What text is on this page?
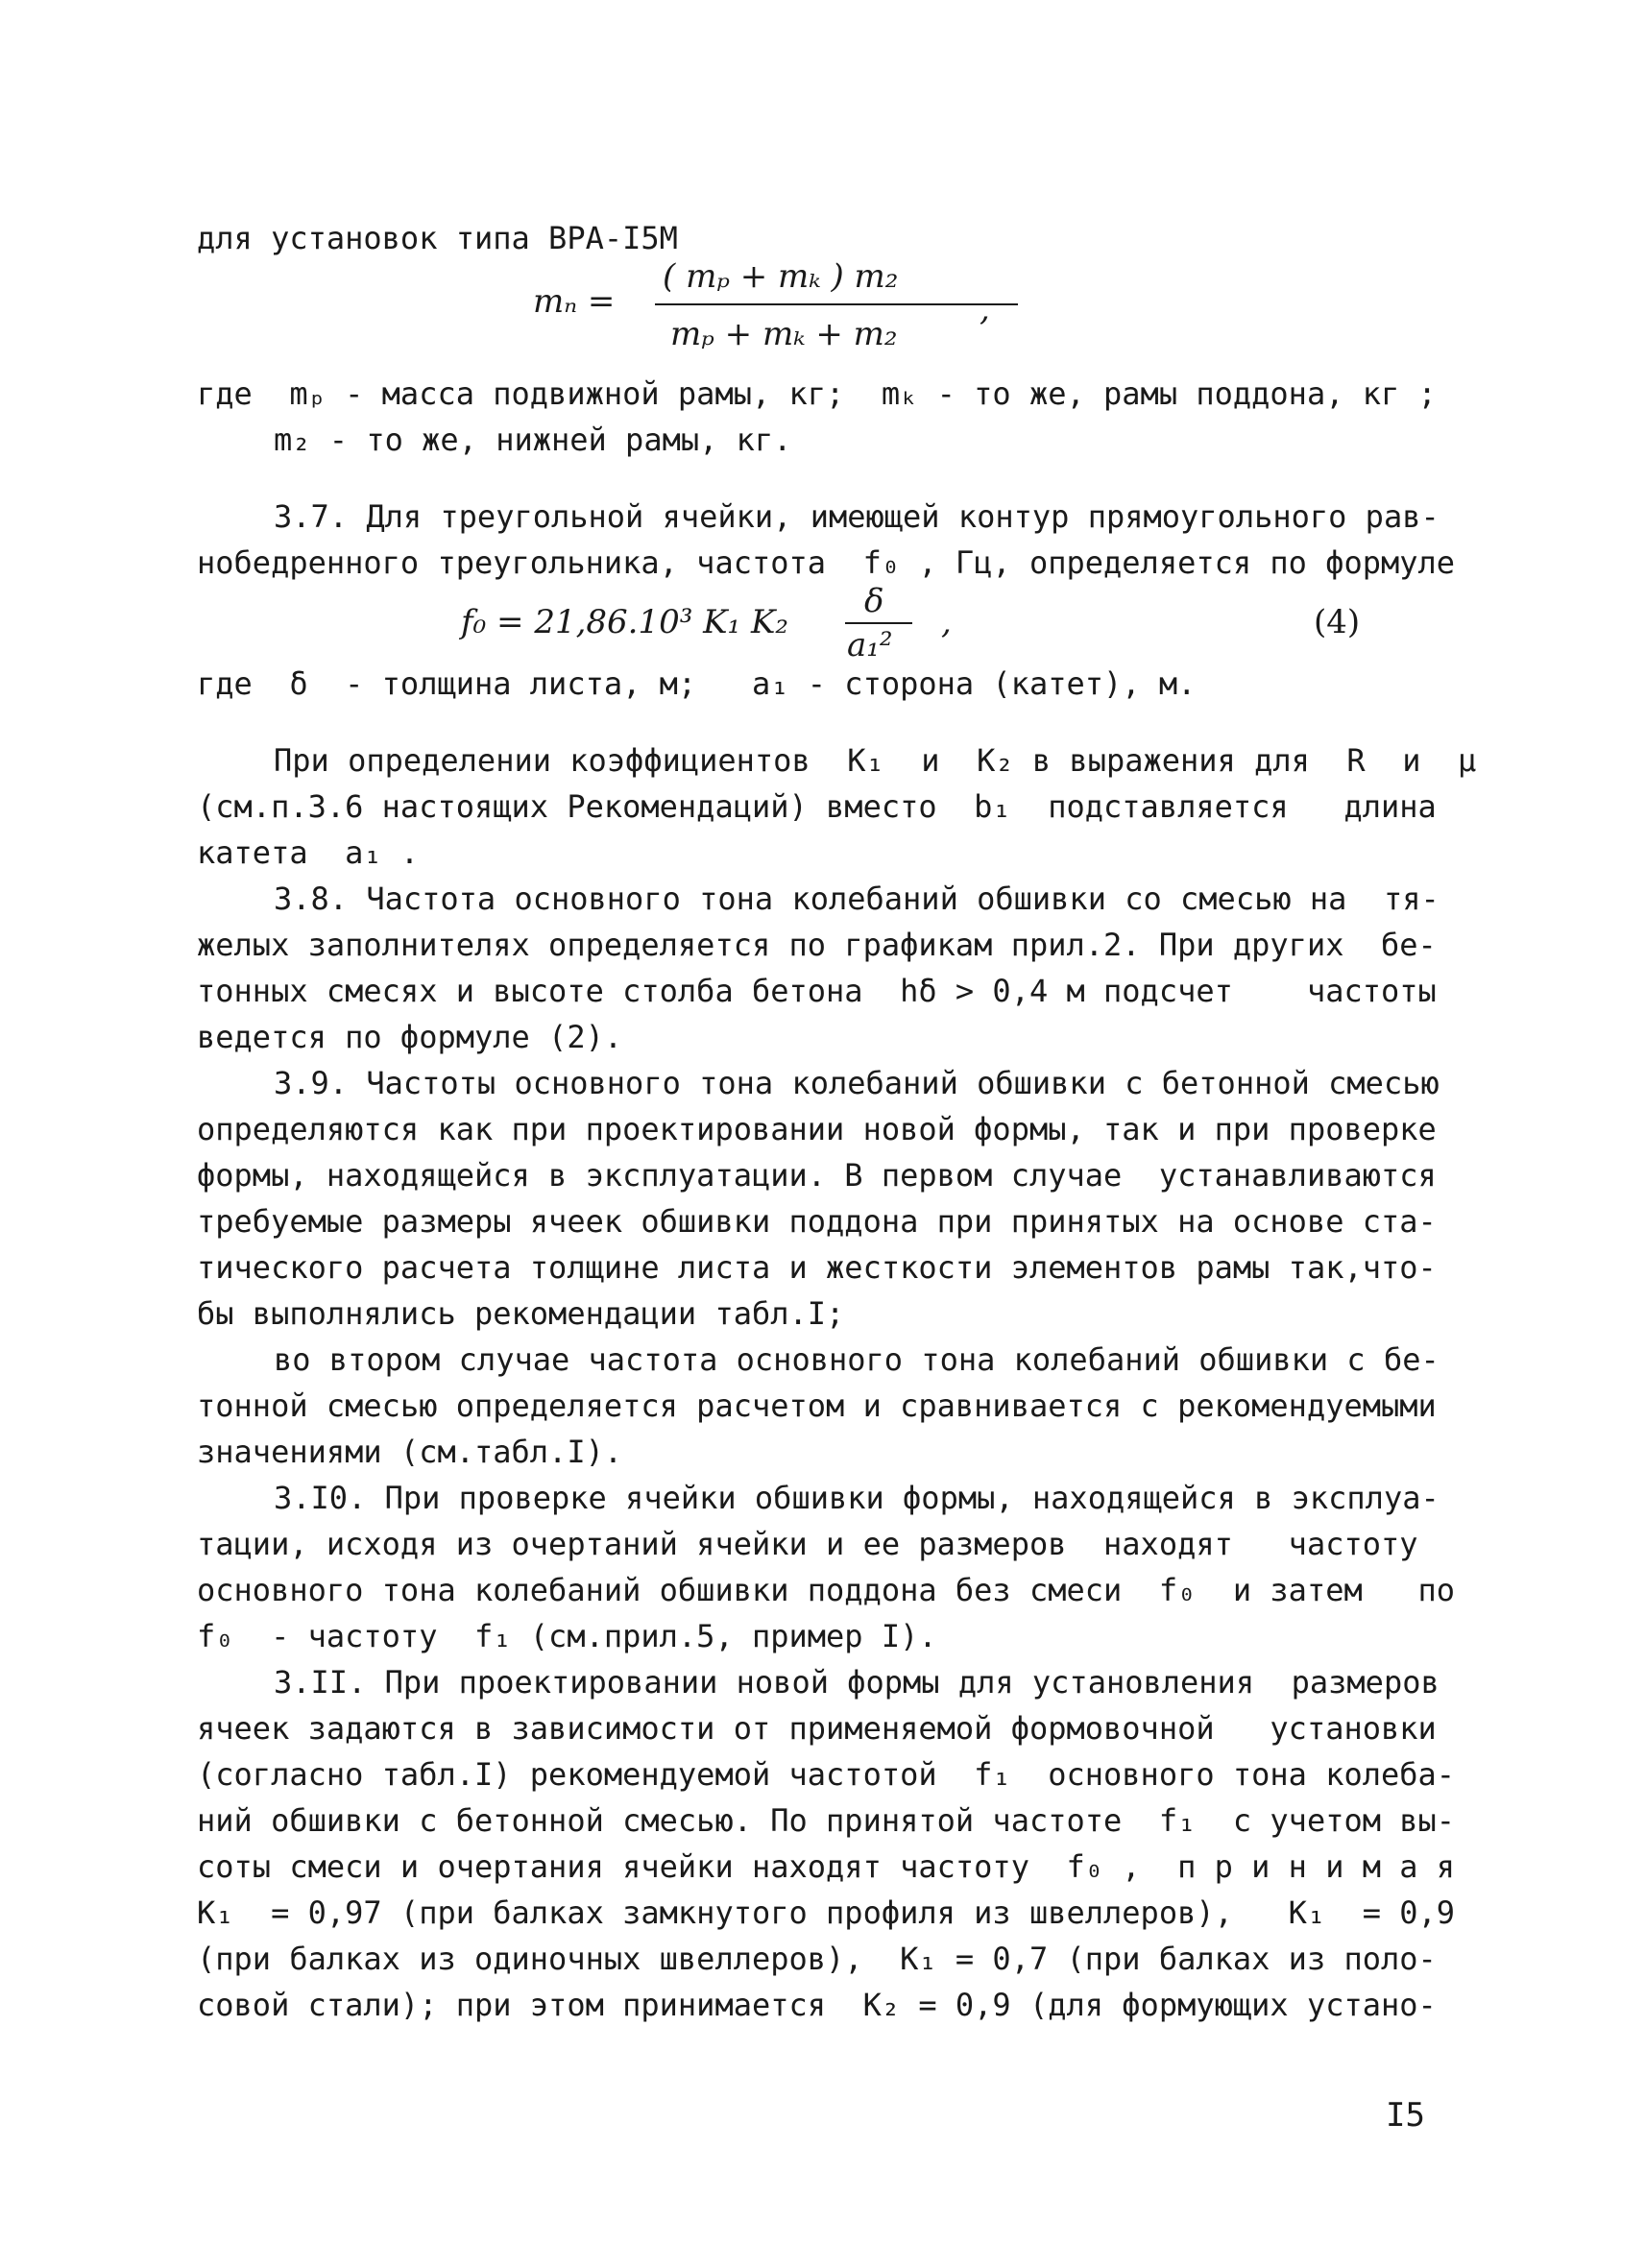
для установок типа ВРА-I5М
mₙ =
( mₚ + mₖ ) m₂
mₚ + mₖ + m₂
,
где  mₚ - масса подвижной рамы, кг;  mₖ - то же, рамы поддона, кг ;
m₂ - то же, нижней рамы, кг.
3.7. Для треугольной ячейки, имеющей контур прямоугольного рав-
нобедренного треугольника, частота  f₀ , Гц, определяется по формуле
f₀ = 21,86.10³ K₁ K₂
δ
a₁²
,	(4)
где  δ  - толщина листа, м;   a₁ - сторона (катет), м.
При определении коэффициентов  K₁  и  K₂ в выражения для  R  и  μ
(см.п.3.6 настоящих Рекомендаций) вместо  b₁  подставляется   длина
катета  a₁ .
3.8. Частота основного тона колебаний обшивки со смесью на  тя-
желых заполнителях определяется по графикам прил.2. При других  бе-
тонных смесях и высоте столба бетона  hδ > 0,4 м подсчет    частоты
ведется по формуле (2).
3.9. Частоты основного тона колебаний обшивки с бетонной смесью
определяются как при проектировании новой формы, так и при проверке
формы, находящейся в эксплуатации. В первом случае  устанавливаются
требуемые размеры ячеек обшивки поддона при принятых на основе ста-
тического расчета толщине листа и жесткости элементов рамы так,что-
бы выполнялись рекомендации табл.I;
во втором случае частота основного тона колебаний обшивки с бе-
тонной смесью определяется расчетом и сравнивается с рекомендуемыми
значениями (см.табл.I).
3.I0. При проверке ячейки обшивки формы, находящейся в эксплуа-
тации, исходя из очертаний ячейки и ее размеров  находят   частоту
основного тона колебаний обшивки поддона без смеси  f₀  и затем   по
f₀  - частоту  f₁ (см.прил.5, пример I).
3.II. При проектировании новой формы для установления  размеров
ячеек задаются в зависимости от применяемой формовочной   установки
(согласно табл.I) рекомендуемой частотой  f₁  основного тона колеба-
ний обшивки с бетонной смесью. По принятой частоте  f₁  с учетом вы-
соты смеси и очертания ячейки находят частоту  f₀ ,  п р и н и м а я
K₁  = 0,97 (при балках замкнутого профиля из швеллеров),   K₁  = 0,9
(при балках из одиночных швеллеров),  K₁ = 0,7 (при балках из поло-
совой стали); при этом принимается  K₂ = 0,9 (для формующих устано-
I5
